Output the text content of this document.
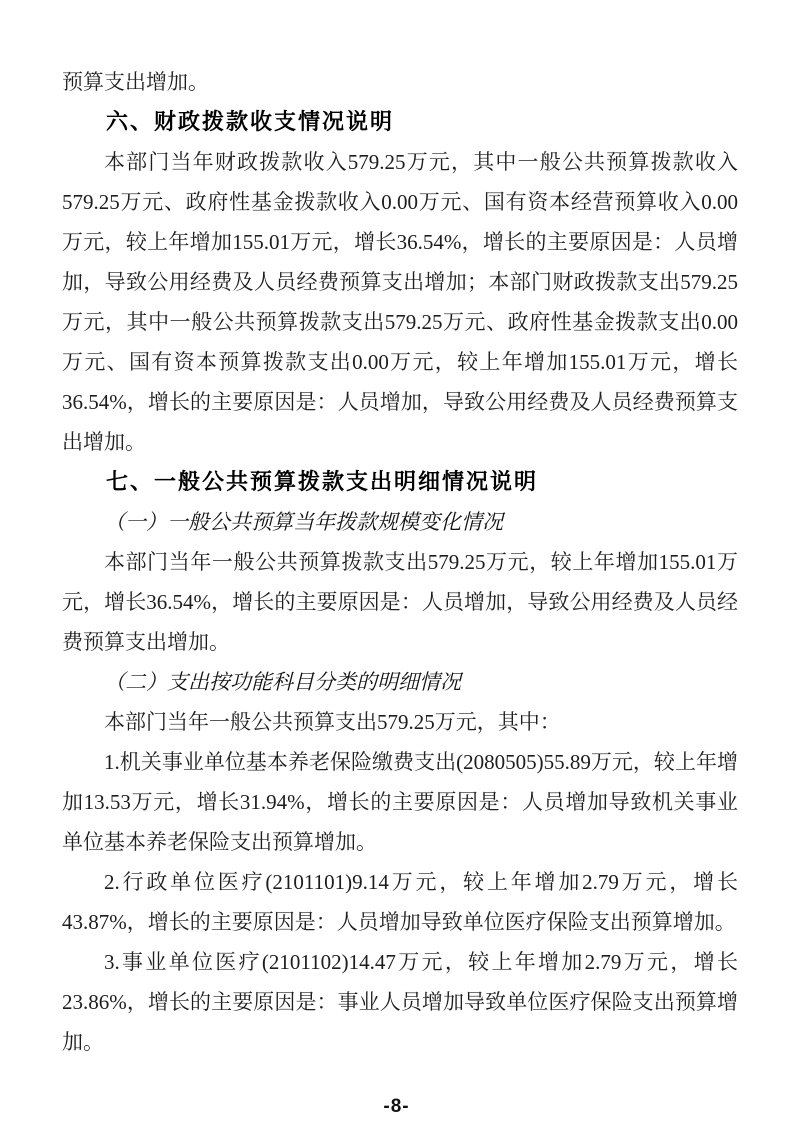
预算支出增加。

六、财政拨款收支情况说明

本部门当年财政拨款收入579.25万元，其中一般公共预算拨款收入579.25万元、政府性基金拨款收入0.00万元、国有资本经营预算收入0.00万元，较上年增加155.01万元，增长36.54%，增长的主要原因是：人员增加，导致公用经费及人员经费预算支出增加；本部门财政拨款支出579.25万元，其中一般公共预算拨款支出579.25万元、政府性基金拨款支出0.00万元、国有资本预算拨款支出0.00万元，较上年增加155.01万元，增长36.54%，增长的主要原因是：人员增加，导致公用经费及人员经费预算支出增加。

七、一般公共预算拨款支出明细情况说明

（一）一般公共预算当年拨款规模变化情况

本部门当年一般公共预算拨款支出579.25万元，较上年增加155.01万元，增长36.54%，增长的主要原因是：人员增加，导致公用经费及人员经费预算支出增加。

（二）支出按功能科目分类的明细情况

本部门当年一般公共预算支出579.25万元，其中：

1.机关事业单位基本养老保险缴费支出(2080505)55.89万元，较上年增加13.53万元，增长31.94%，增长的主要原因是：人员增加导致机关事业单位基本养老保险支出预算增加。

2.行政单位医疗(2101101)9.14万元，较上年增加2.79万元，增长43.87%，增长的主要原因是：人员增加导致单位医疗保险支出预算增加。

3.事业单位医疗(2101102)14.47万元，较上年增加2.79万元，增长23.86%，增长的主要原因是：事业人员增加导致单位医疗保险支出预算增加。

-8-
